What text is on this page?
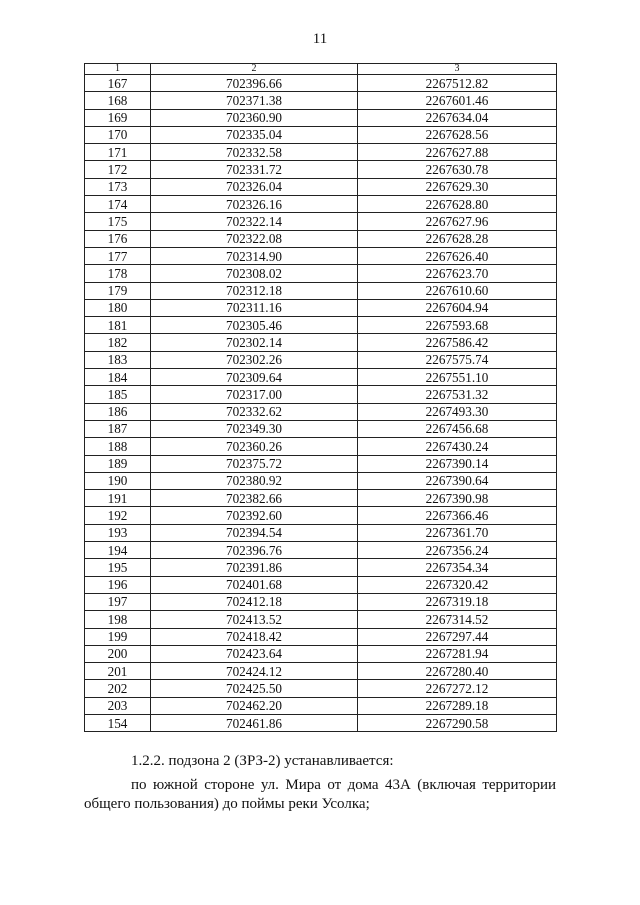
11
1	2	3
167	702396.66	2267512.82
168	702371.38	2267601.46
169	702360.90	2267634.04
170	702335.04	2267628.56
171	702332.58	2267627.88
172	702331.72	2267630.78
173	702326.04	2267629.30
174	702326.16	2267628.80
175	702322.14	2267627.96
176	702322.08	2267628.28
177	702314.90	2267626.40
178	702308.02	2267623.70
179	702312.18	2267610.60
180	702311.16	2267604.94
181	702305.46	2267593.68
182	702302.14	2267586.42
183	702302.26	2267575.74
184	702309.64	2267551.10
185	702317.00	2267531.32
186	702332.62	2267493.30
187	702349.30	2267456.68
188	702360.26	2267430.24
189	702375.72	2267390.14
190	702380.92	2267390.64
191	702382.66	2267390.98
192	702392.60	2267366.46
193	702394.54	2267361.70
194	702396.76	2267356.24
195	702391.86	2267354.34
196	702401.68	2267320.42
197	702412.18	2267319.18
198	702413.52	2267314.52
199	702418.42	2267297.44
200	702423.64	2267281.94
201	702424.12	2267280.40
202	702425.50	2267272.12
203	702462.20	2267289.18
154	702461.86	2267290.58
1.2.2. подзона 2 (ЗРЗ-2) устанавливается:
по южной стороне ул. Мира от дома 43А (включая территории
общего пользования) до поймы реки Усолка;
